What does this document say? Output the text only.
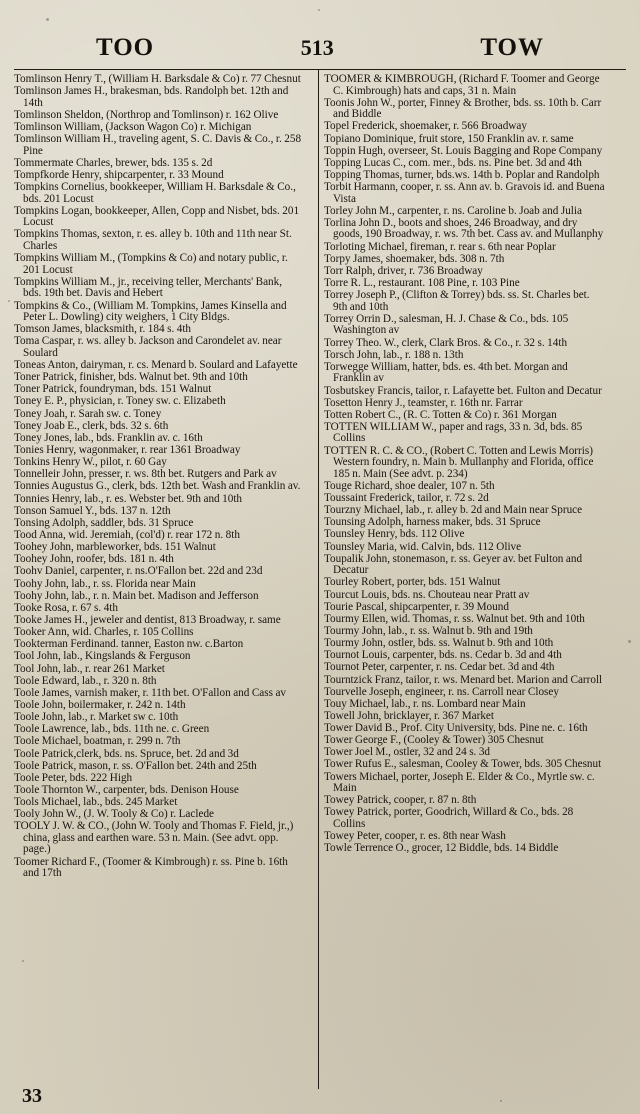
TOO	513	TOW

Tomlinson Henry T., (William H. Barksdale & Co) r. 77 Chesnut

Tomlinson James H., brakesman, bds. Randolph bet. 12th and 14th

Tomlinson Sheldon, (Northrop and Tomlinson) r. 162 Olive

Tomlinson William, (Jackson Wagon Co) r. Michigan

Tomlinson William H., traveling agent, S. C. Davis & Co., r. 258 Pine

Tommermate Charles, brewer, bds. 135 s. 2d

Tompfkorde Henry, shipcarpenter, r. 33 Mound

Tompkins Cornelius, bookkeeper, William H. Barksdale & Co., bds. 201 Locust

Tompkins Logan, bookkeeper, Allen, Copp and Nisbet, bds. 201 Locust

Tompkins Thomas, sexton, r. es. alley b. 10th and 11th near St. Charles

Tompkins William M., (Tompkins & Co) and notary public, r. 201 Locust

Tompkins William M., jr., receiving teller, Merchants' Bank, bds. 19th bet. Davis and Hebert

Tompkins & Co., (William M. Tompkins, James Kinsella and Peter L. Dowling) city weighers, 1 City Bldgs.

Tomson James, blacksmith, r. 184 s. 4th

Toma Caspar, r. ws. alley b. Jackson and Carondelet av. near Soulard

Toneas Anton, dairyman, r. cs. Menard b. Soulard and Lafayette

Toner Patrick, finisher, bds. Walnut bet. 9th and 10th

Toner Patrick, foundryman, bds. 151 Walnut

Toney E. P., physician, r. Toney sw. c. Elizabeth

Toney Joah, r. Sarah sw. c. Toney

Toney Joab E., clerk, bds. 32 s. 6th

Toney Jones, lab., bds. Franklin av. c. 16th

Tonies Henry, wagonmaker, r. rear 1361 Broadway

Tonkins Henry W., pilot, r. 60 Gay

Tonnelleir John, presser, r. ws. 8th bet. Rutgers and Park av

Tonnies Augustus G., clerk, bds. 12th bet. Wash and Franklin av.

Tonnies Henry, lab., r. es. Webster bet. 9th and 10th

Tonson Samuel Y., bds. 137 n. 12th

Tonsing Adolph, saddler, bds. 31 Spruce

Tood Anna, wid. Jeremiah, (col'd) r. rear 172 n. 8th

Toohey John, marbleworker, bds. 151 Walnut

Toohey John, roofer, bds. 181 n. 4th

Toohv Daniel, carpenter, r. ns.O'Fallon bet. 22d and 23d

Toohy John, lab., r. ss. Florida near Main

Toohy John, lab., r. n. Main bet. Madison and Jefferson

Tooke Rosa, r. 67 s. 4th

Tooke James H., jeweler and dentist, 813 Broadway, r. same

Tooker Ann, wid. Charles, r. 105 Collins

Tookterman Ferdinand. tanner, Easton nw. c.Barton

Tool John, lab., Kingslands & Ferguson

Tool John, lab., r. rear 261 Market

Toole Edward, lab., r. 320 n. 8th

Toole James, varnish maker, r. 11th bet. O'Fallon and Cass av

Toole John, boilermaker, r. 242 n. 14th

Toole John, lab., r. Market sw c. 10th

Toole Lawrence, lab., bds. 11th ne. c. Green

Toole Michael, boatman, r. 299 n. 7th

Toole Patrick,clerk, bds. ns. Spruce, bet. 2d and 3d

Toole Patrick, mason, r. ss. O'Fallon bet. 24th and 25th

Toole Peter, bds. 222 High

Toole Thornton W., carpenter, bds. Denison House

Tools Michael, lab., bds. 245 Market

Tooly John W., (J. W. Tooly & Co) r. Laclede

TOOLY J. W. & CO., (John W. Tooly and Thomas F. Field, jr.,) china, glass and earthen ware. 53 n. Main. (See advt. opp. page.)

Toomer Richard F., (Toomer & Kimbrough) r. ss. Pine b. 16th and 17th

TOOMER & KIMBROUGH, (Richard F. Toomer and George C. Kimbrough) hats and caps, 31 n. Main

Toonis John W., porter, Finney & Brother, bds. ss. 10th b. Carr and Biddle

Topel Frederick, shoemaker, r. 566 Broadway

Topiano Dominique, fruit store, 150 Franklin av. r. same

Toppin Hugh, overseer, St. Louis Bagging and Rope Company

Topping Lucas C., com. mer., bds. ns. Pine bet. 3d and 4th

Topping Thomas, turner, bds.ws. 14th b. Poplar and Randolph

Torbit Harmann, cooper, r. ss. Ann av. b. Gravois id. and Buena Vista

Torley John M., carpenter, r. ns. Caroline b. Joab and Julia

Torlina John D., boots and shoes, 246 Broadway, and dry goods, 190 Broadway, r. ws. 7th bet. Cass av. and Mullanphy

Torloting Michael, fireman, r. rear s. 6th near Poplar

Torpy James, shoemaker, bds. 308 n. 7th

Torr Ralph, driver, r. 736 Broadway

Torre R. L., restaurant. 108 Pine, r. 103 Pine

Torrey Joseph P., (Clifton & Torrey) bds. ss. St. Charles bet. 9th and 10th

Torrey Orrin D., salesman, H. J. Chase & Co., bds. 105 Washington av

Torrey Theo. W., clerk, Clark Bros. & Co., r. 32 s. 14th

Torsch John, lab., r. 188 n. 13th

Torwegge William, hatter, bds. es. 4th bet. Morgan and Franklin av

Tosbutskey Francis, tailor, r. Lafayette bet. Fulton and Decatur

Tosetton Henry J., teamster, r. 16th nr. Farrar

Totten Robert C., (R. C. Totten & Co) r. 361 Morgan

TOTTEN WILLIAM W., paper and rags, 33 n. 3d, bds. 85 Collins

TOTTEN R. C. & CO., (Robert C. Totten and Lewis Morris) Western foundry, n. Main b. Mullanphy and Florida, office 185 n. Main (See advt. p. 234)

Touge Richard, shoe dealer, 107 n. 5th

Toussaint Frederick, tailor, r. 72 s. 2d

Tourzny Michael, lab., r. alley b. 2d and Main near Spruce

Tounsing Adolph, harness maker, bds. 31 Spruce

Tounsley Henry, bds. 112 Olive

Tounsley Maria, wid. Calvin, bds. 112 Olive

Toupalik John, stonemason, r. ss. Geyer av. bet Fulton and Decatur

Tourley Robert, porter, bds. 151 Walnut

Tourcut Louis, bds. ns. Chouteau near Pratt av

Tourie Pascal, shipcarpenter, r. 39 Mound

Tourmy Ellen, wid. Thomas, r. ss. Walnut bet. 9th and 10th

Tourmy John, lab., r. ss. Walnut b. 9th and 19th

Tourmy John, ostler, bds. ss. Walnut b. 9th and 10th

Tournot Louis, carpenter, bds. ns. Cedar b. 3d and 4th

Tournot Peter, carpenter, r. ns. Cedar bet. 3d and 4th

Tourntzick Franz, tailor, r. ws. Menard bet. Marion and Carroll

Tourvelle Joseph, engineer, r. ns. Carroll near Closey

Touy Michael, lab., r. ns. Lombard near Main

Towell John, bricklayer, r. 367 Market

Tower David B., Prof. City University, bds. Pine ne. c. 16th

Tower George F., (Cooley & Tower) 305 Chesnut

Tower Joel M., ostler, 32 and 24 s. 3d

Tower Rufus E., salesman, Cooley & Tower, bds. 305 Chesnut

Towers Michael, porter, Joseph E. Elder & Co., Myrtle sw. c. Main

Towey Patrick, cooper, r. 87 n. 8th

Towey Patrick, porter, Goodrich, Willard & Co., bds. 28 Collins

Towey Peter, cooper, r. es. 8th near Wash

Towle Terrence O., grocer, 12 Biddle, bds. 14 Biddle

33
